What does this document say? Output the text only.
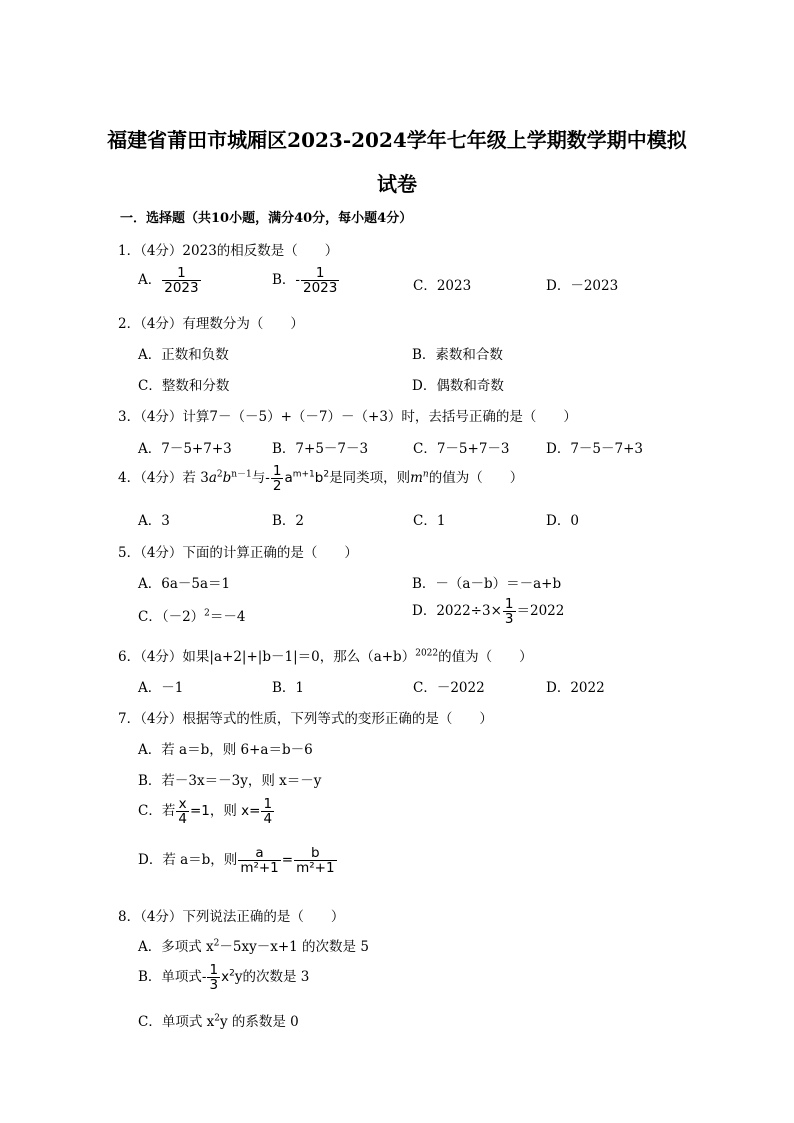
福建省莆田市城厢区2023-2024学年七年级上学期数学期中模拟
试卷
一．选择题（共10小题，满分40分，每小题4分）
1．（4分）2023的相反数是（　　）
A． $\frac{1}{2023}$	B．- $\frac{1}{2023}$	C．2023	D．－2023
2．（4分）有理数分为（　　）
A．正数和负数	B．素数和合数
C．整数和分数	D．偶数和奇数
3．（4分）计算7－（－5）+（－7）－（+3）时，去括号正确的是（　　）
A．7－5+7+3	B．7+5－7－3	C．7－5+7－3	D．7－5－7+3
4．（4分）若 $3a^2b^{n-1}$与- $\frac{1}{2} a^{m+1}b^2$是同类项，则$m^n$的值为（　　）
A．3	B．2	C．1	D．0
5．（4分）下面的计算正确的是（　　）
A．6a－5a＝1	B．－（a－b）＝－a+b
C．$(-2)^2=-4$	D．$2022\div 3\times \frac{1}{3} =2022$
6．（4分）如果|a+2|+|b－1|＝0，那么$(a+b)^{2022}$的值为（　　）
A．－1	B．1	C．－2022	D．2022
7．（4分）根据等式的性质，下列等式的变形正确的是（　　）
A．若 a＝b，则 6+a＝b－6
B．若－3x＝－3y，则 x＝－y
C．若 $\frac{x}{4} =1$，则 $x= \frac{1}{4}$
D．若 a＝b，则 $\frac{a}{\text{m²+1}} = \frac{b}{\text{m²+1}}$
8．（4分）下列说法正确的是（　　）
A．多项式 $x^2-5xy-x+1$ 的次数是 5
B．单项式- $\frac{1}{3} x^2y$的次数是 3
C．单项式 $x^2y$ 的系数是 0
